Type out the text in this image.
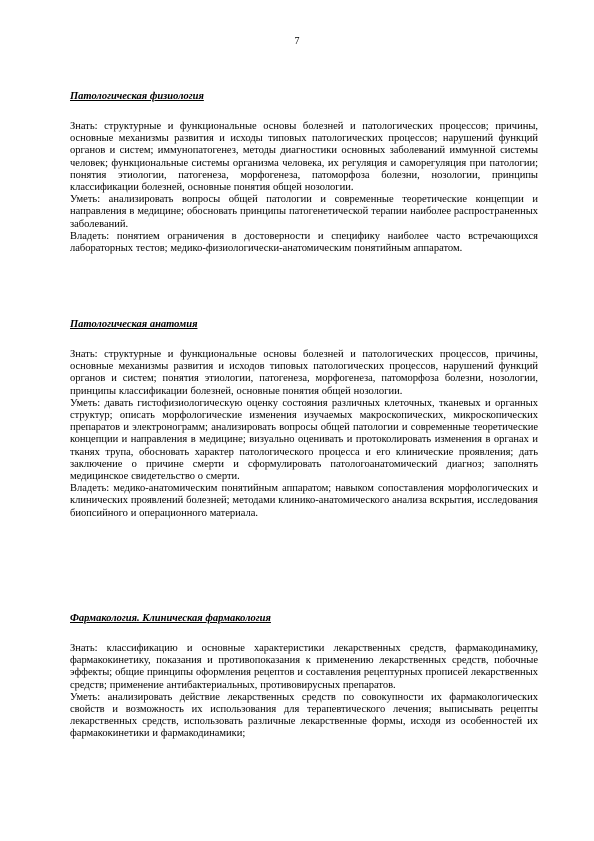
7

Патологическая физиология

Знать: структурные и функциональные основы болезней и патологических процессов; причины, основные механизмы развития и исходы типовых патологических процессов; нарушений функций органов и систем; иммунопатогенез, методы диагностики основных заболеваний иммунной системы человек; функциональные системы организма человека, их регуляция и саморегуляция при патологии; понятия этиологии, патогенеза, морфогенеза, патоморфоза болезни, нозологии, принципы классификации болезней, основные понятия общей нозологии.

Уметь: анализировать вопросы общей патологии и современные теоретические концепции и направления в медицине; обосновать принципы патогенетической терапии наиболее распространенных заболеваний.

Владеть: понятием ограничения в достоверности и специфику наиболее часто встречающихся лабораторных тестов; медико-физиологически-анатомическим понятийным аппаратом.

Патологическая анатомия

Знать: структурные и функциональные основы болезней и патологических процессов, причины, основные механизмы развития и исходов типовых патологических процессов, нарушений функций органов и систем; понятия этиологии, патогенеза, морфогенеза, патоморфоза болезни, нозологии, принципы классификации болезней, основные понятия общей нозологии.

Уметь: давать гистофизиологическую оценку состояния различных клеточных, тканевых и органных структур; описать морфологические изменения изучаемых макроскопических, микроскопических препаратов и электронограмм; анализировать вопросы общей патологии и современные теоретические концепции и направления в медицине; визуально оценивать и протоколировать изменения в органах и тканях трупа, обосновать характер патологического процесса и его клинические проявления; дать заключение о причине смерти и сформулировать патологоанатомический диагноз; заполнять медицинское свидетельство о смерти.

Владеть: медико-анатомическим понятийным аппаратом; навыком сопоставления морфологических и клинических проявлений болезней; методами клинико-анатомического анализа вскрытия, исследования биопсийного и операционного материала.

Фармакология. Клиническая фармакология

Знать: классификацию и основные характеристики лекарственных средств, фармакодинамику, фармакокинетику, показания и противопоказания к применению лекарственных средств, побочные эффекты; общие принципы оформления рецептов и составления рецептурных прописей лекарственных средств; применение антибактериальных, противовирусных препаратов.

Уметь: анализировать действие лекарственных средств по совокупности их фармакологических свойств и возможность их использования для терапевтического лечения; выписывать рецепты лекарственных средств, использовать различные лекарственные формы, исходя из особенностей их фармакокинетики и фармакодинамики;
